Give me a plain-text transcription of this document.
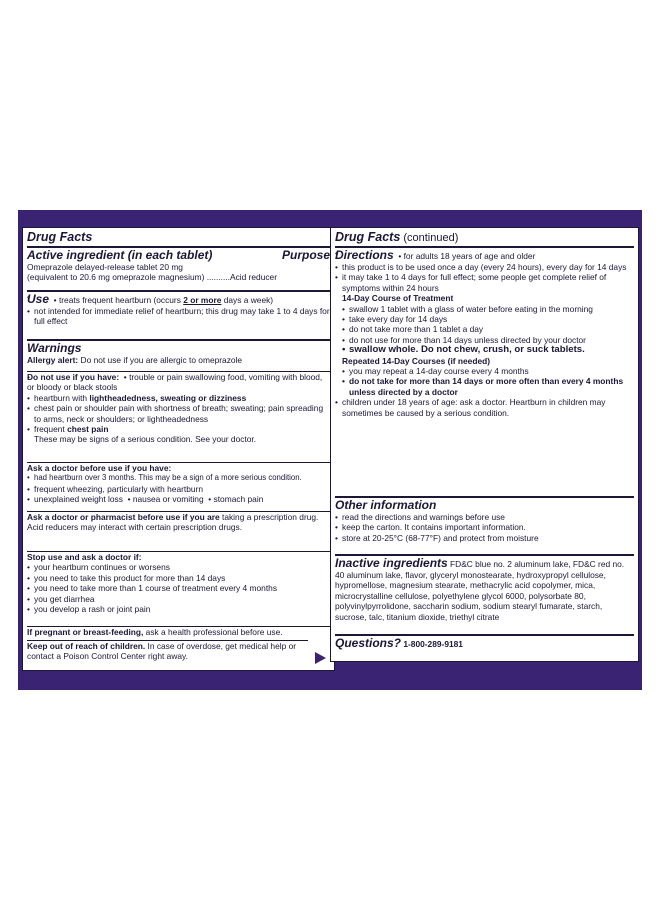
Drug Facts
Active ingredient (in each tablet)	Purpose
Omeprazole delayed-release tablet 20 mg
(equivalent to 20.6 mg omeprazole magnesium) ..........Acid reducer
• Use  • treats frequent heartburn (occurs 2 or more days a week)
• not intended for immediate relief of heartburn; this drug may take 1 to 4 days for full effect
Warnings
Allergy alert: Do not use if you are allergic to omeprazole
• Do not use if you have:  • trouble or pain swallowing food, vomiting with blood, or bloody or black stools
• heartburn with lightheadedness, sweating or dizziness
• chest pain or shoulder pain with shortness of breath; sweating; pain spreading to arms, neck or shoulders; or lightheadedness
• frequent chest pain
These may be signs of a serious condition. See your doctor.
Ask a doctor before use if you have:
• had heartburn over 3 months. This may be a sign of a more serious condition.
• frequent wheezing, particularly with heartburn
• unexplained weight loss  • nausea or vomiting  • stomach pain
Ask a doctor or pharmacist before use if you are taking a prescription drug.
Acid reducers may interact with certain prescription drugs.
Stop use and ask a doctor if:
• your heartburn continues or worsens
• you need to take this product for more than 14 days
• you need to take more than 1 course of treatment every 4 months
• you get diarrhea
• you develop a rash or joint pain
If pregnant or breast-feeding, ask a health professional before use.
Keep out of reach of children. In case of overdose, get medical help or contact a Poison Control Center right away.
Drug Facts (continued)
• Directions  • for adults 18 years of age and older
• this product is to be used once a day (every 24 hours), every day for 14 days
• it may take 1 to 4 days for full effect; some people get complete relief of symptoms within 24 hours
14-Day Course of Treatment
• swallow 1 tablet with a glass of water before eating in the morning
• take every day for 14 days
• do not take more than 1 tablet a day
• do not use for more than 14 days unless directed by your doctor
• swallow whole. Do not chew, crush, or suck tablets.
Repeated 14-Day Courses (if needed)
• you may repeat a 14-day course every 4 months
• do not take for more than 14 days or more often than every 4 months unless directed by a doctor
• children under 18 years of age: ask a doctor. Heartburn in children may sometimes be caused by a serious condition.
Other information
• read the directions and warnings before use
• keep the carton. It contains important information.
• store at 20-25°C (68-77°F) and protect from moisture
Inactive ingredients FD&C blue no. 2 aluminum lake, FD&C red no. 40 aluminum lake, flavor, glyceryl monostearate, hydroxypropyl cellulose, hypromellose, magnesium stearate, methacrylic acid copolymer, mica, microcrystalline cellulose, polyethylene glycol 6000, polysorbate 80, polyvinylpyrrolidone, saccharin sodium, sodium stearyl fumarate, starch, sucrose, talc, titanium dioxide, triethyl citrate
Questions? 1-800-289-9181
